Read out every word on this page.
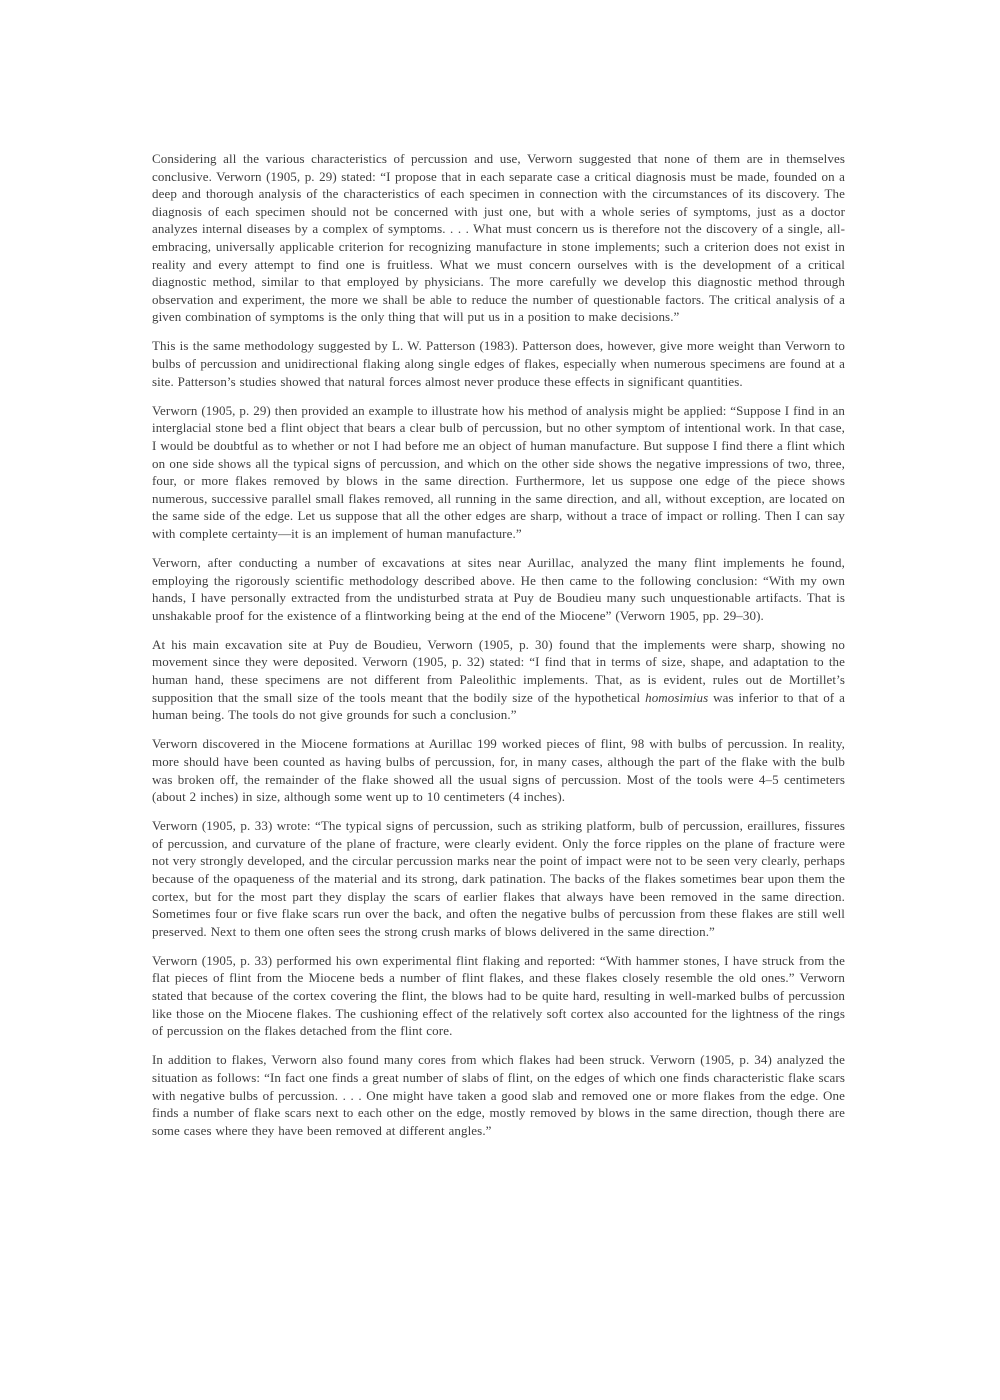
Considering all the various characteristics of percussion and use, Verworn suggested that none of them are in themselves conclusive. Verworn (1905, p. 29) stated: “I propose that in each separate case a critical diagnosis must be made, founded on a deep and thorough analysis of the characteristics of each specimen in connection with the circumstances of its discovery. The diagnosis of each specimen should not be concerned with just one, but with a whole series of symptoms, just as a doctor analyzes internal diseases by a complex of symptoms. . . . What must concern us is therefore not the discovery of a single, all-embracing, universally applicable criterion for recognizing manufacture in stone implements; such a criterion does not exist in reality and every attempt to find one is fruitless. What we must concern ourselves with is the development of a critical diagnostic method, similar to that employed by physicians. The more carefully we develop this diagnostic method through observation and experiment, the more we shall be able to reduce the number of questionable factors. The critical analysis of a given combination of symptoms is the only thing that will put us in a position to make decisions.”

This is the same methodology suggested by L. W. Patterson (1983). Patterson does, however, give more weight than Verworn to bulbs of percussion and unidirectional flaking along single edges of flakes, especially when numerous specimens are found at a site. Patterson’s studies showed that natural forces almost never produce these effects in significant quantities.

Verworn (1905, p. 29) then provided an example to illustrate how his method of analysis might be applied: “Suppose I find in an interglacial stone bed a flint object that bears a clear bulb of percussion, but no other symptom of intentional work. In that case, I would be doubtful as to whether or not I had before me an object of human manufacture. But suppose I find there a flint which on one side shows all the typical signs of percussion, and which on the other side shows the negative impressions of two, three, four, or more flakes removed by blows in the same direction. Furthermore, let us suppose one edge of the piece shows numerous, successive parallel small flakes removed, all running in the same direction, and all, without exception, are located on the same side of the edge. Let us suppose that all the other edges are sharp, without a trace of impact or rolling. Then I can say with complete certainty—it is an implement of human manufacture.”

Verworn, after conducting a number of excavations at sites near Aurillac, analyzed the many flint implements he found, employing the rigorously scientific methodology described above. He then came to the following conclusion: “With my own hands, I have personally extracted from the undisturbed strata at Puy de Boudieu many such unquestionable artifacts. That is unshakable proof for the existence of a flintworking being at the end of the Miocene” (Verworn 1905, pp. 29–30).

At his main excavation site at Puy de Boudieu, Verworn (1905, p. 30) found that the implements were sharp, showing no movement since they were deposited. Verworn (1905, p. 32) stated: “I find that in terms of size, shape, and adaptation to the human hand, these specimens are not different from Paleolithic implements. That, as is evident, rules out de Mortillet’s supposition that the small size of the tools meant that the bodily size of the hypothetical homosimius was inferior to that of a human being. The tools do not give grounds for such a conclusion.”

Verworn discovered in the Miocene formations at Aurillac 199 worked pieces of flint, 98 with bulbs of percussion. In reality, more should have been counted as having bulbs of percussion, for, in many cases, although the part of the flake with the bulb was broken off, the remainder of the flake showed all the usual signs of percussion. Most of the tools were 4–5 centimeters (about 2 inches) in size, although some went up to 10 centimeters (4 inches).

Verworn (1905, p. 33) wrote: “The typical signs of percussion, such as striking platform, bulb of percussion, eraillures, fissures of percussion, and curvature of the plane of fracture, were clearly evident. Only the force ripples on the plane of fracture were not very strongly developed, and the circular percussion marks near the point of impact were not to be seen very clearly, perhaps because of the opaqueness of the material and its strong, dark patination. The backs of the flakes sometimes bear upon them the cortex, but for the most part they display the scars of earlier flakes that always have been removed in the same direction. Sometimes four or five flake scars run over the back, and often the negative bulbs of percussion from these flakes are still well preserved. Next to them one often sees the strong crush marks of blows delivered in the same direction.”

Verworn (1905, p. 33) performed his own experimental flint flaking and reported: “With hammer stones, I have struck from the flat pieces of flint from the Miocene beds a number of flint flakes, and these flakes closely resemble the old ones.” Verworn stated that because of the cortex covering the flint, the blows had to be quite hard, resulting in well-marked bulbs of percussion like those on the Miocene flakes. The cushioning effect of the relatively soft cortex also accounted for the lightness of the rings of percussion on the flakes detached from the flint core.

In addition to flakes, Verworn also found many cores from which flakes had been struck. Verworn (1905, p. 34) analyzed the situation as follows: “In fact one finds a great number of slabs of flint, on the edges of which one finds characteristic flake scars with negative bulbs of percussion. . . . One might have taken a good slab and removed one or more flakes from the edge. One finds a number of flake scars next to each other on the edge, mostly removed by blows in the same direction, though there are some cases where they have been removed at different angles.”
